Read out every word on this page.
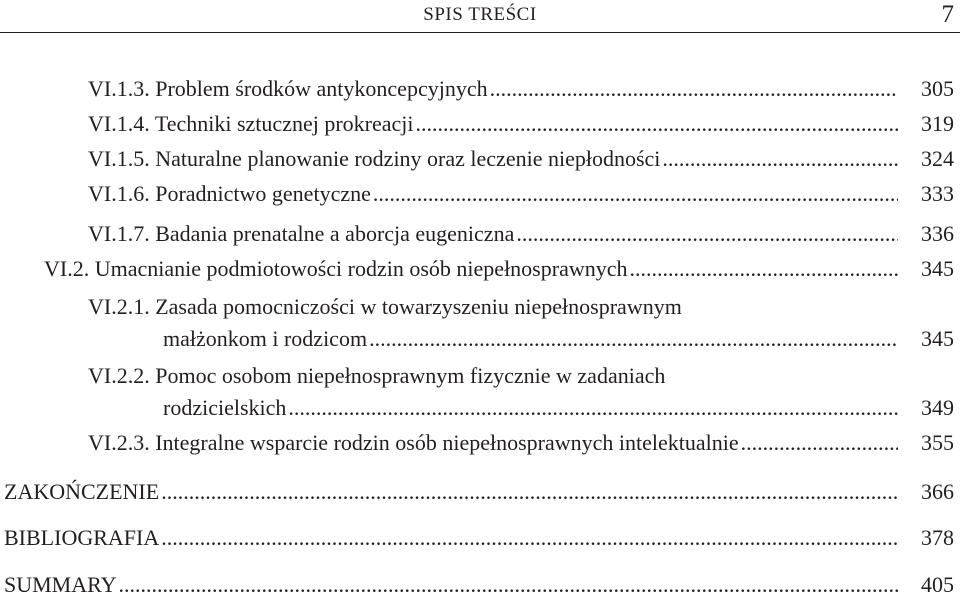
SPIS TREŚCI	7
VI.1.3. Problem środków antykoncepcyjnych .....	305
VI.1.4. Techniki sztucznej prokreacji .....	319
VI.1.5. Naturalne planowanie rodziny oraz leczenie niepłodności .....	324
VI.1.6. Poradnictwo genetyczne .....	333
VI.1.7. Badania prenatalne a aborcja eugeniczna .....	336
VI.2. Umacnianie podmiotowości rodzin osób niepełnosprawnych .....	345
VI.2.1. Zasada pomocniczości w towarzyszeniu niepełnosprawnym
małżonkom i rodzicom .....	345
VI.2.2. Pomoc osobom niepełnosprawnym fizycznie w zadaniach
rodzicielskich .....	349
VI.2.3. Integralne wsparcie rodzin osób niepełnosprawnych intelektualnie .....	355
ZAKOŃCZENIE .....	366
BIBLIOGRAFIA .....	378
SUMMARY .....	405
